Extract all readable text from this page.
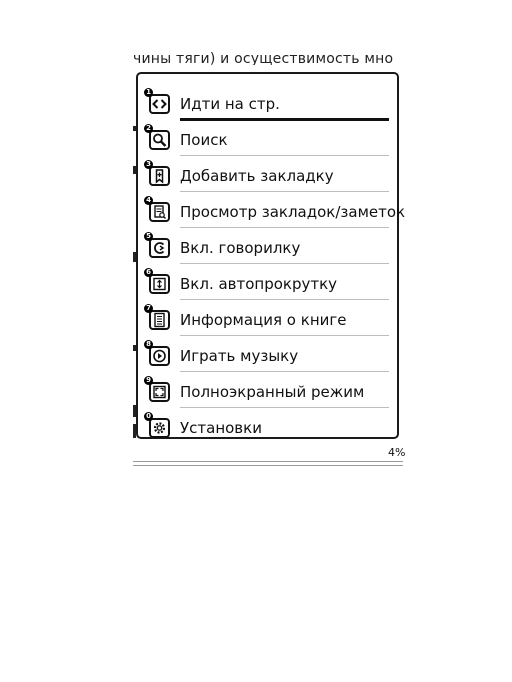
чины тяги) и осуществимость мно
1
Идти на стр.
2
Поиск
3
Добавить закладку
4
Просмотр закладок/заметок
5
Вкл. говорилку
6
Вкл. автопрокрутку
7
Информация о книге
8
Играть музыку
9
Полноэкранный режим
0
Установки
4%
